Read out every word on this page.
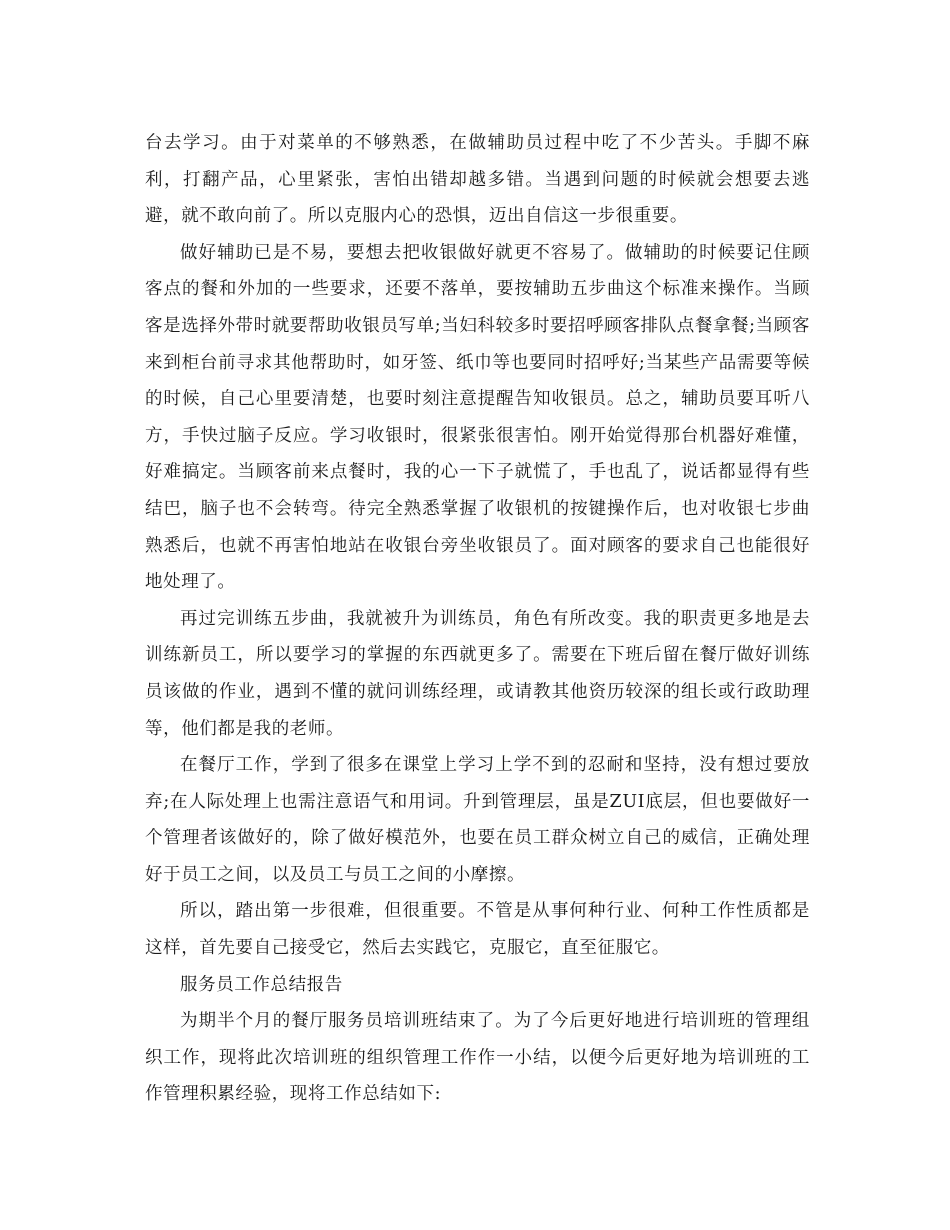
台去学习。由于对菜单的不够熟悉，在做辅助员过程中吃了不少苦头。手脚不麻利，打翻产品，心里紧张，害怕出错却越多错。当遇到问题的时候就会想要去逃避，就不敢向前了。所以克服内心的恐惧，迈出自信这一步很重要。

做好辅助已是不易，要想去把收银做好就更不容易了。做辅助的时候要记住顾客点的餐和外加的一些要求，还要不落单，要按辅助五步曲这个标准来操作。当顾客是选择外带时就要帮助收银员写单;当妇科较多时要招呼顾客排队点餐拿餐;当顾客来到柜台前寻求其他帮助时，如牙签、纸巾等也要同时招呼好;当某些产品需要等候的时候，自己心里要清楚，也要时刻注意提醒告知收银员。总之，辅助员要耳听八方，手快过脑子反应。学习收银时，很紧张很害怕。刚开始觉得那台机器好难懂，好难搞定。当顾客前来点餐时，我的心一下子就慌了，手也乱了，说话都显得有些结巴，脑子也不会转弯。待完全熟悉掌握了收银机的按键操作后，也对收银七步曲熟悉后，也就不再害怕地站在收银台旁坐收银员了。面对顾客的要求自己也能很好地处理了。

再过完训练五步曲，我就被升为训练员，角色有所改变。我的职责更多地是去训练新员工，所以要学习的掌握的东西就更多了。需要在下班后留在餐厅做好训练员该做的作业，遇到不懂的就问训练经理，或请教其他资历较深的组长或行政助理等，他们都是我的老师。

在餐厅工作，学到了很多在课堂上学习上学不到的忍耐和坚持，没有想过要放弃;在人际处理上也需注意语气和用词。升到管理层，虽是ZUI底层，但也要做好一个管理者该做好的，除了做好模范外，也要在员工群众树立自己的威信，正确处理好于员工之间，以及员工与员工之间的小摩擦。

所以，踏出第一步很难，但很重要。不管是从事何种行业、何种工作性质都是这样，首先要自己接受它，然后去实践它，克服它，直至征服它。

服务员工作总结报告

为期半个月的餐厅服务员培训班结束了。为了今后更好地进行培训班的管理组织工作，现将此次培训班的组织管理工作作一小结，以便今后更好地为培训班的工作管理积累经验，现将工作总结如下:
